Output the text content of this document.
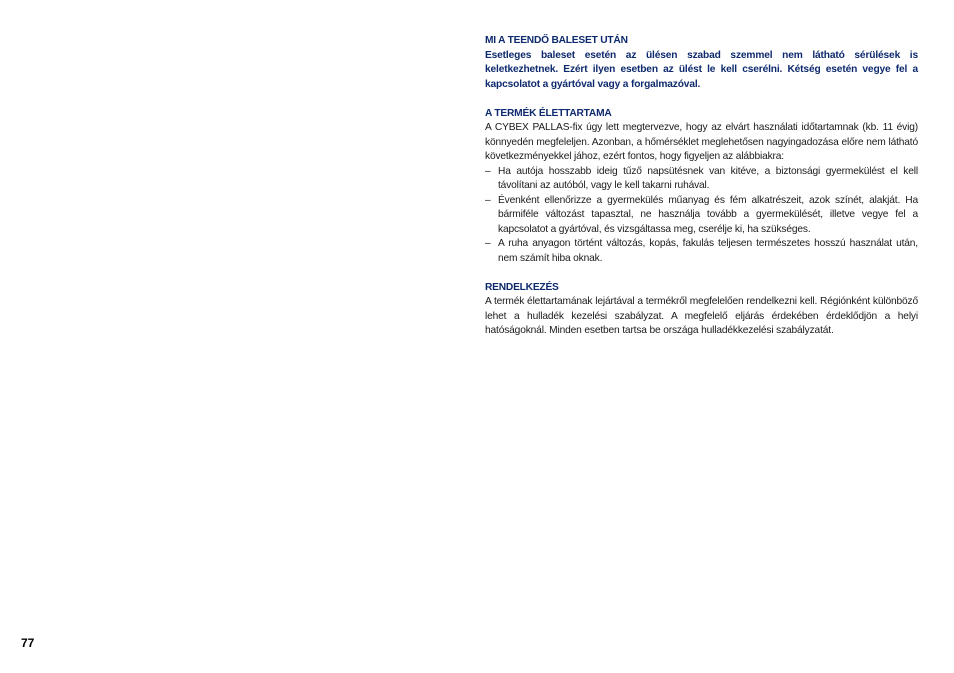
MI A TEENDŐ BALESET UTÁN

Esetleges baleset esetén az ülésen szabad szemmel nem látható sérülések is keletkezhetnek. Ezért ilyen esetben az ülést le kell cserélni. Kétség esetén vegye fel a kapcsolatot a gyártóval vagy a forgalmazóval.

A TERMÉK ÉLETTARTAMA

A CYBEX PALLAS-fix úgy lett megtervezve, hogy az elvárt használati időtartamnak (kb. 11 évig) könnyedén megfeleljen. Azonban, a hőmérséklet meglehetősen nagyingadozása előre nem látható következményekkel jához, ezért fontos, hogy figyeljen az alábbiakra:

– Ha autója hosszabb ideig tűző napsütésnek van kitéve, a biztonsági gyermekülést el kell távolítani az autóból, vagy le kell takarni ruhával.
– Évenként ellenőrizze a gyermekülés műanyag és fém alkatrészeit, azok színét, alakját. Ha bármiféle változást tapasztal, ne használja tovább a gyermekülését, illetve vegye fel a kapcsolatot a gyártóval, és vizsgáltassa meg, cserélje ki, ha szükséges.
– A ruha anyagon történt változás, kopás, fakulás teljesen természetes hosszú használat után, nem számít hiba oknak.

RENDELKEZÉS

A termék élettartamának lejártával a termékről megfelelően rendelkezni kell. Régiónként különböző lehet a hulladék kezelési szabályzat. A megfelelő eljárás érdekében érdeklődjön a helyi hatóságoknál. Minden esetben tartsa be országa hulladékkezelési szabályzatát.

77
